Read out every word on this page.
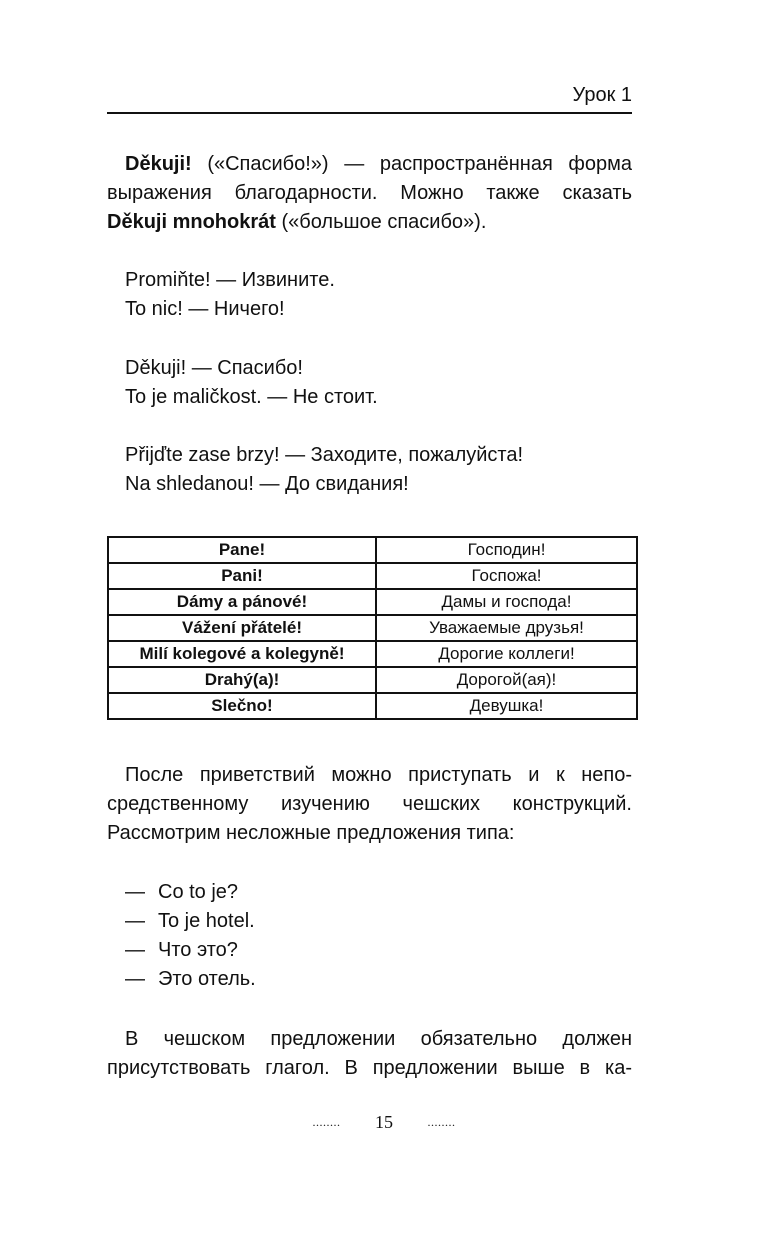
Урок 1
Děkuji! («Спасибо!») — распространённая форма
выражения благодарности. Можно также сказать
Děkuji mnohokrát («большое спасибо»).
Promiňte! — Извините.
To nic! — Ничего!
Děkuji! — Спасибо!
To je maličkost. — Не стоит.
Přijďte zase brzy! — Заходите, пожалуйста!
Na shledanou! — До свидания!
Pane!	Господин!
Pani!	Госпожа!
Dámy a pánové!	Дамы и господа!
Vážení přátelé!	Уважаемые друзья!
Milí kolegové a kolegyně!	Дорогие коллеги!
Drahý(a)!	Дорогой(ая)!
Slečno!	Девушка!
После приветствий можно приступать и к непо-
средственному изучению чешских конструкций.
Рассмотрим несложные предложения типа:
— Co to je?
— To je hotel.
— Что это?
— Это отель.
В чешском предложении обязательно должен
присутствовать глагол. В предложении выше в ка-
........ 15	........
